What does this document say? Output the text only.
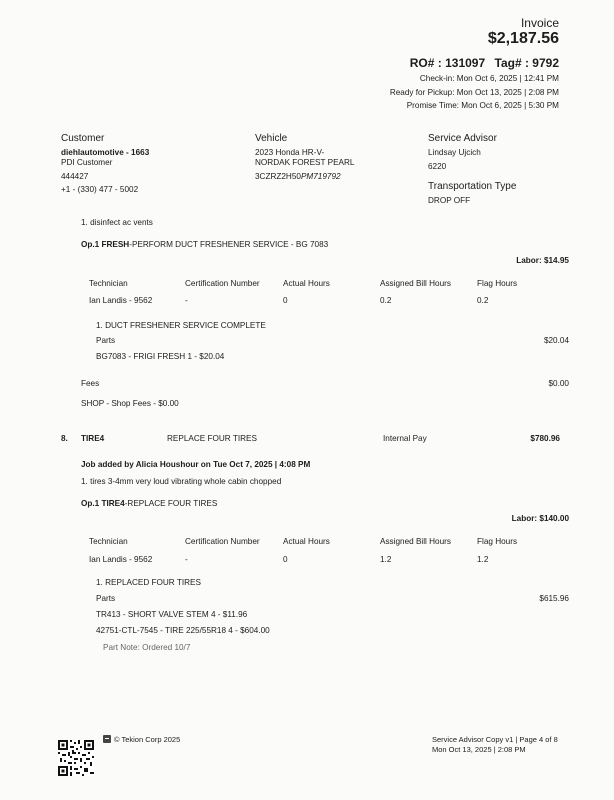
Invoice
$2,187.56
RO# : 131097 Tag# : 9792
Check-in: Mon Oct 6, 2025 | 12:41 PM
Ready for Pickup: Mon Oct 13, 2025 | 2:08 PM
Promise Time: Mon Oct 6, 2025 | 5:30 PM
Customer
diehlautomotive - 1663
PDI Customer
444427
+1 - (330) 477 - 5002
Vehicle
2023 Honda HR-V-
NORDAK FOREST PEARL
3CZRZ2H50PM719792
Service Advisor
Lindsay Ujcich
6220
Transportation Type
DROP OFF
1. disinfect ac vents
Op.1 FRESH-PERFORM DUCT FRESHENER SERVICE - BG 7083
Labor: $14.95
Technician	Certification Number	Actual Hours	Assigned Bill Hours	Flag Hours
Ian Landis - 9562	-	0	0.2	0.2
1. DUCT FRESHENER SERVICE COMPLETE
Parts	$20.04
BG7083 - FRIGI FRESH 1 - $20.04
Fees	$0.00
SHOP - Shop Fees - $0.00
8. TIRE4	REPLACE FOUR TIRES	Internal Pay	$780.96
Job added by Alicia Houshour on Tue Oct 7, 2025 | 4:08 PM
1. tires 3-4mm very loud vibrating whole cabin chopped
Op.1 TIRE4-REPLACE FOUR TIRES
Labor: $140.00
Technician	Certification Number	Actual Hours	Assigned Bill Hours	Flag Hours
Ian Landis - 9562	-	0	1.2	1.2
1. REPLACED FOUR TIRES
Parts	$615.96
TR413 - SHORT VALVE STEM 4 - $11.96
42751-CTL-7545 - TIRE 225/55R18 4 - $604.00
Part Note: Ordered 10/7
© Tekion Corp 2025	Service Advisor Copy v1 | Page 4 of 8
Mon Oct 13, 2025 | 2:08 PM
